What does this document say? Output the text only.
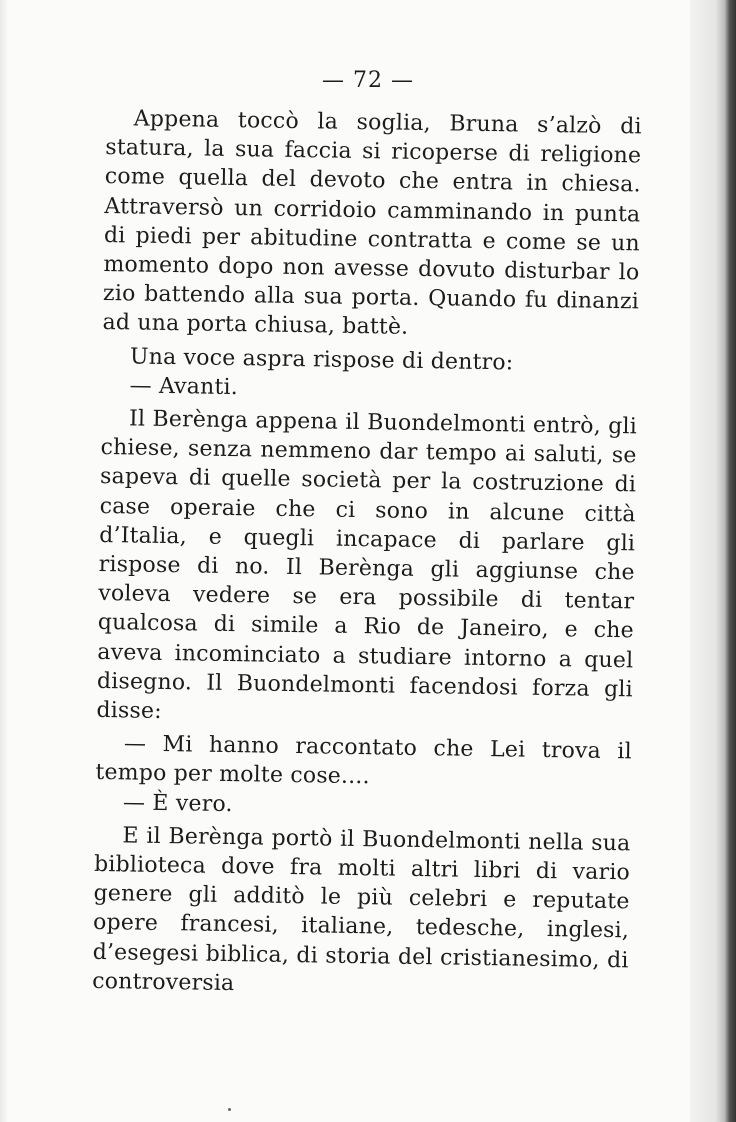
— 72 —

Appena toccò la soglia, Bruna s’alzò di statura, la sua faccia si ricoperse di religione come quella del devoto che entra in chiesa. Attraversò un corridoio camminando in punta di piedi per abitudine contratta e come se un momento dopo non avesse dovuto disturbar lo zio battendo alla sua porta. Quando fu dinanzi ad una porta chiusa, battè.

Una voce aspra rispose di dentro:

— Avanti.

Il Berènga appena il Buondelmonti entrò, gli chiese, senza nemmeno dar tempo ai saluti, se sapeva di quelle società per la costruzione di case operaie che ci sono in alcune città d’Italia, e quegli incapace di parlare gli rispose di no. Il Berènga gli aggiunse che voleva vedere se era possibile di tentar qualcosa di simile a Rio de Janeiro, e che aveva incominciato a studiare intorno a quel disegno. Il Buondelmonti facendosi forza gli disse:

— Mi hanno raccontato che Lei trova il tempo per molte cose....

— È vero.

E il Berènga portò il Buondelmonti nella sua biblioteca dove fra molti altri libri di vario genere gli additò le più celebri e reputate opere francesi, italiane, tedesche, inglesi, d’esegesi biblica, di storia del cristianesimo, di controversia
